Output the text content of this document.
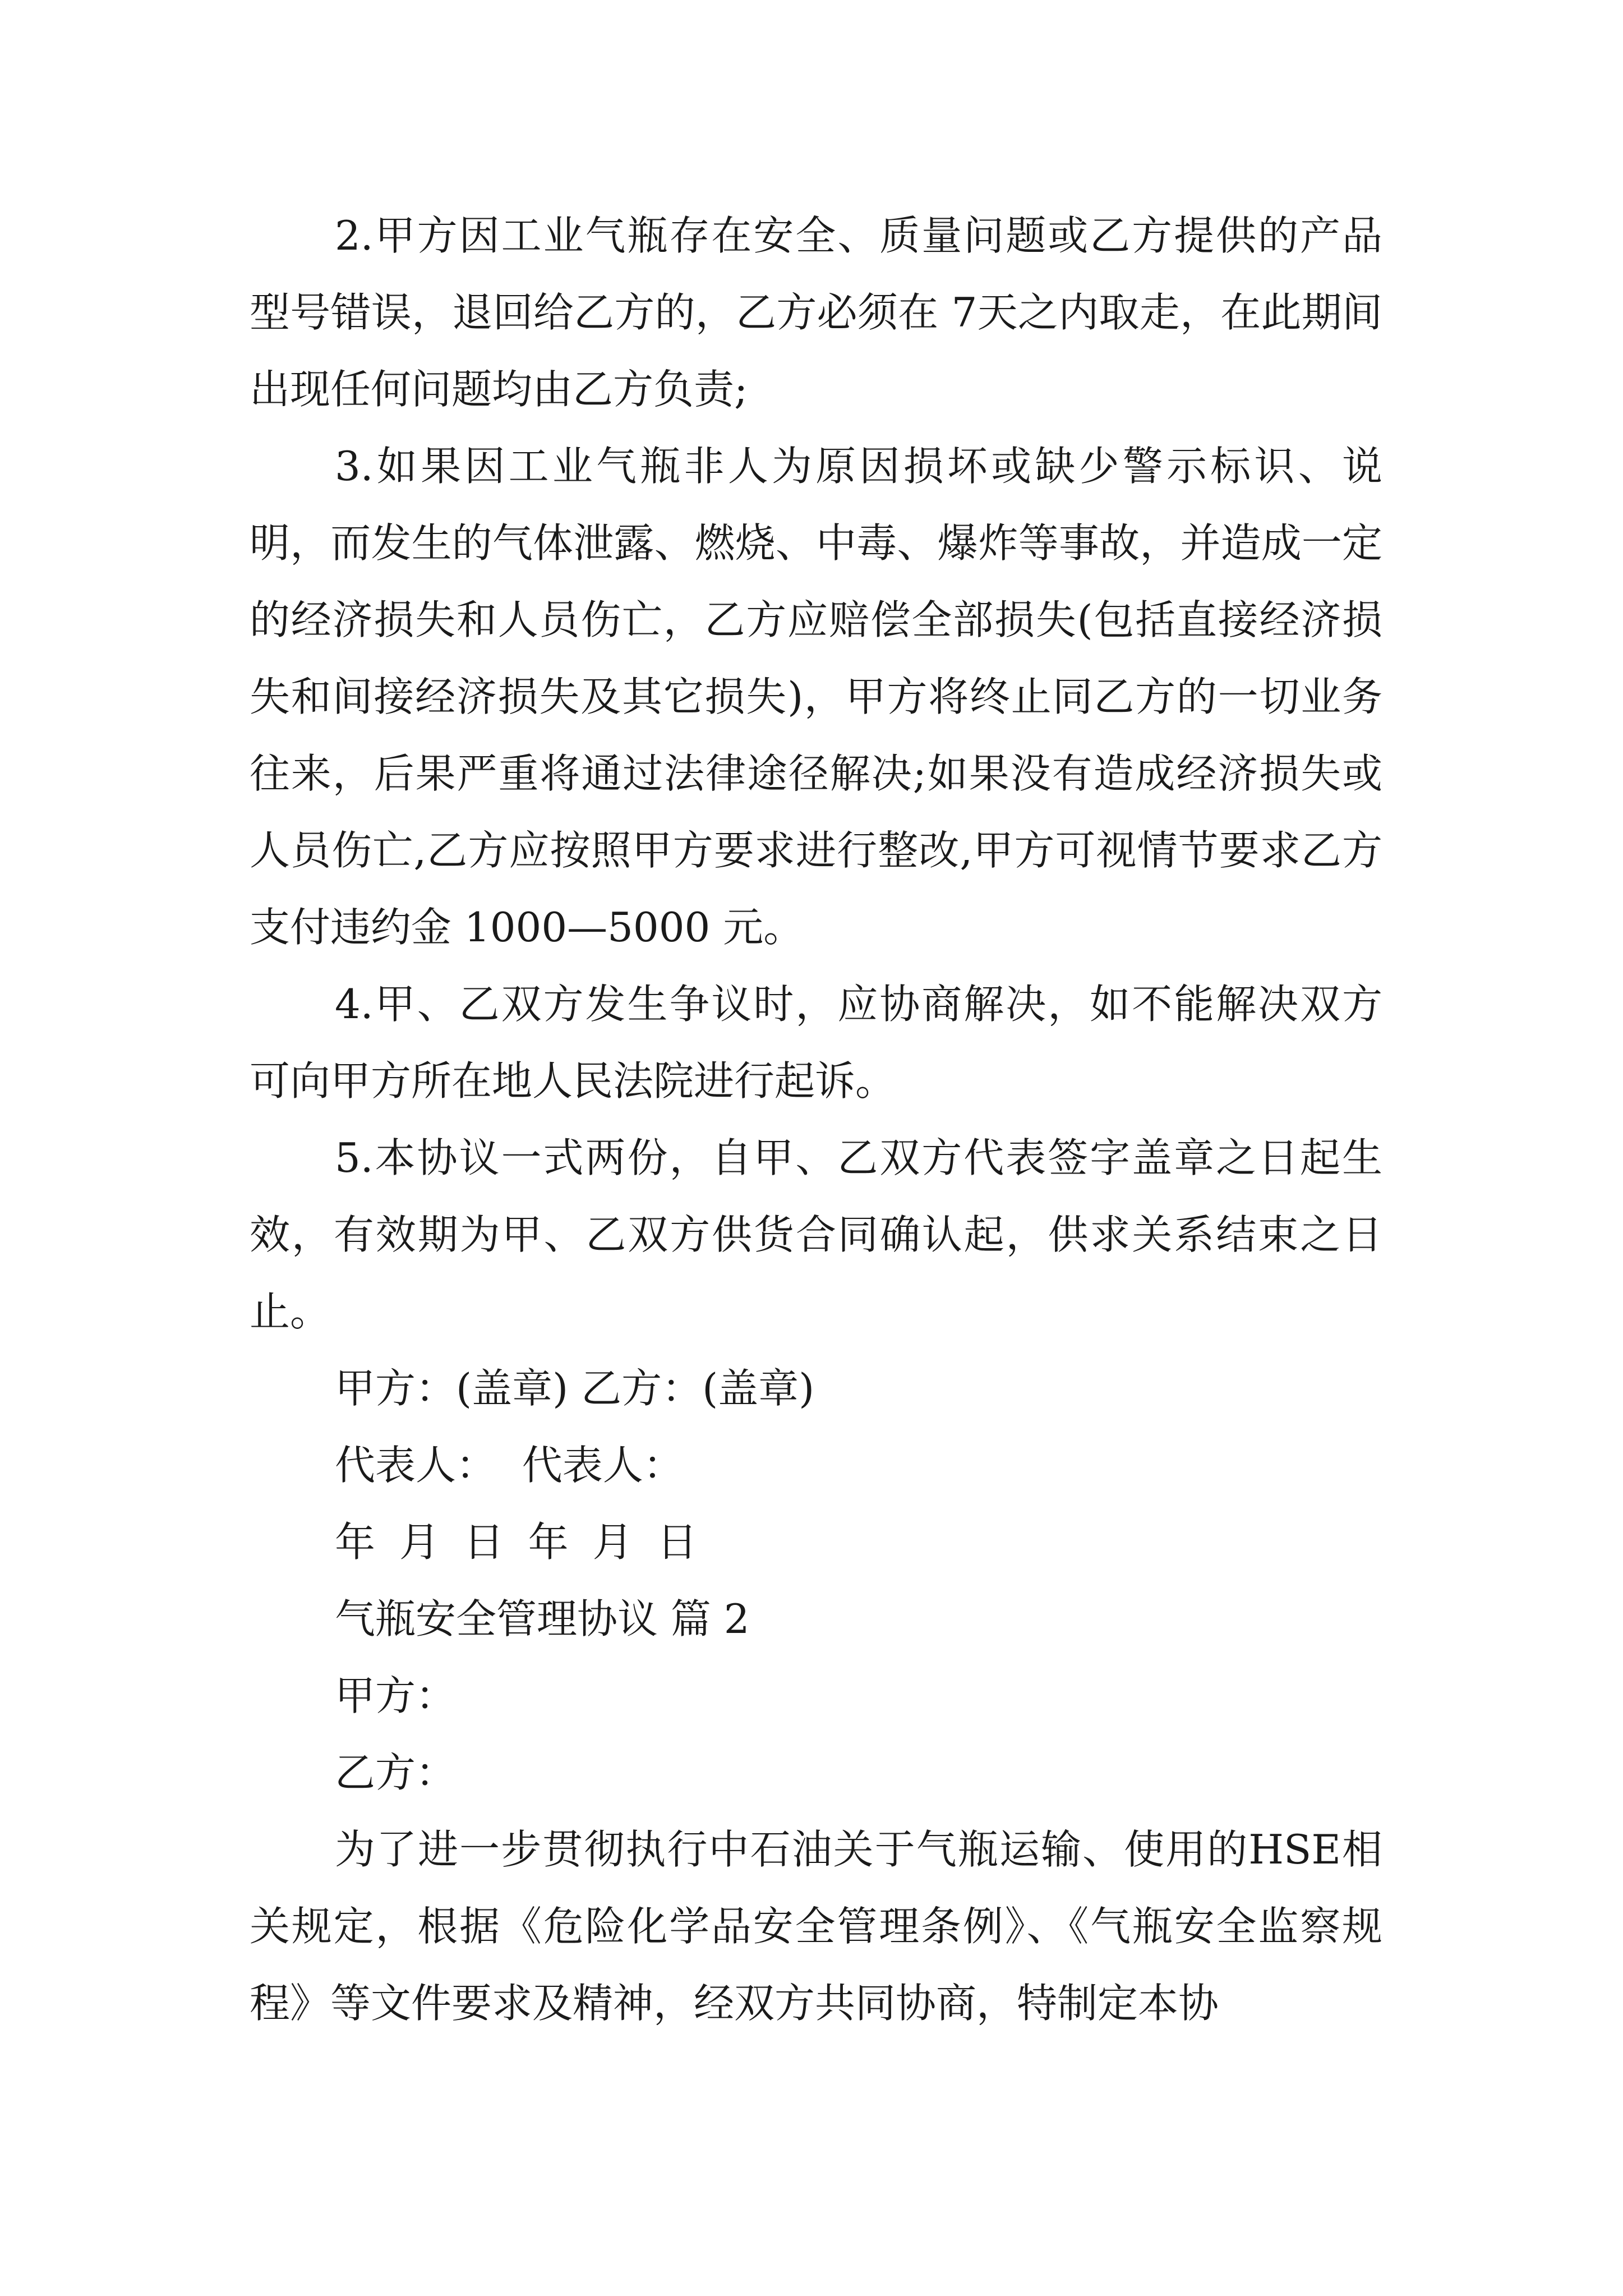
2.甲方因工业气瓶存在安全、质量问题或乙方提供的产品型号错误，退回给乙方的，乙方必须在 7天之内取走，在此期间出现任何问题均由乙方负责;

3.如果因工业气瓶非人为原因损坏或缺少警示标识、说明，而发生的气体泄露、燃烧、中毒、爆炸等事故，并造成一定的经济损失和人员伤亡，乙方应赔偿全部损失(包括直接经济损失和间接经济损失及其它损失)，甲方将终止同乙方的一切业务往来，后果严重将通过法律途径解决;如果没有造成经济损失或人员伤亡,乙方应按照甲方要求进行整改,甲方可视情节要求乙方支付违约金 1000—5000 元。

4.甲、乙双方发生争议时，应协商解决，如不能解决双方可向甲方所在地人民法院进行起诉。

5.本协议一式两份，自甲、乙双方代表签字盖章之日起生效，有效期为甲、乙双方供货合同确认起，供求关系结束之日止。

甲方：(盖章) 乙方：(盖章)

代表人：  代表人：

年 月 日 年 月 日

气瓶安全管理协议 篇 2

甲方：

乙方：

为了进一步贯彻执行中石油关于气瓶运输、使用的HSE相关规定，根据《危险化学品安全管理条例》、《气瓶安全监察规程》等文件要求及精神，经双方共同协商，特制定本协
